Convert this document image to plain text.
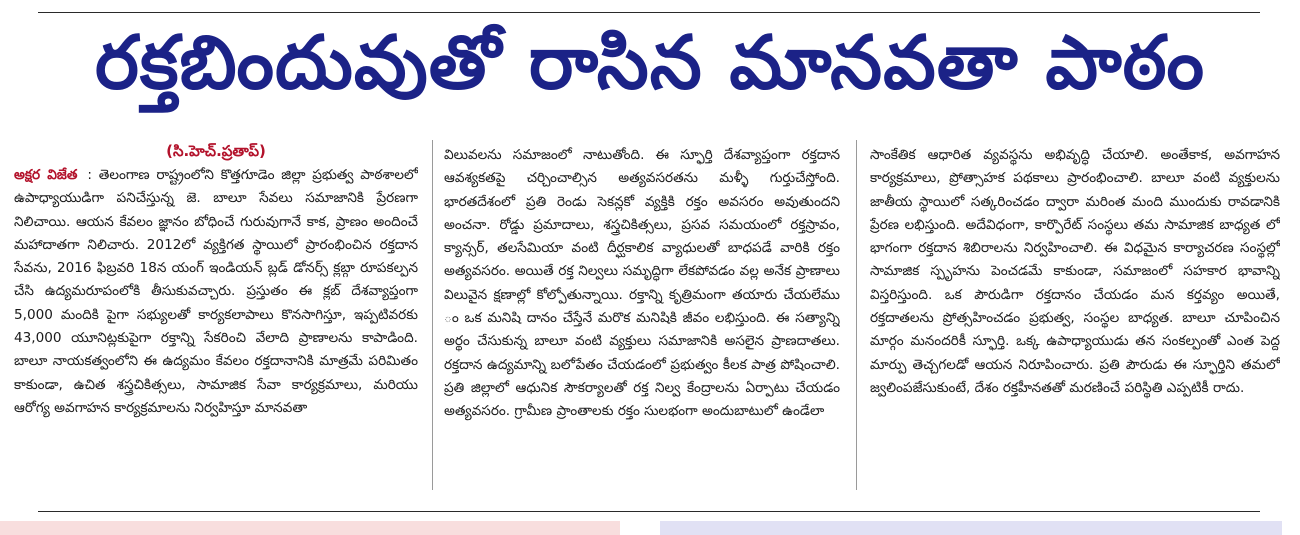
రక్తబిందువుతో రాసిన మానవతా పాఠం
(సి.హెచ్.ప్రతాప్)

అక్షర విజేత : తెలంగాణ రాష్ట్రంలోని కొత్తగూడెం జిల్లా ప్రభుత్వ పాఠశాలలో ఉపాధ్యాయుడిగా పనిచేస్తున్న జె. బాలూ సేవలు సమాజానికి ప్రేరణగా నిలిచాయి. ఆయన కేవలం జ్ఞానం బోధించే గురువుగానే కాక, ప్రాణం అందించే మహాదాతగా నిలిచారు. 2012లో వ్యక్తిగత స్థాయిలో ప్రారంభించిన రక్తదాన సేవను, 2016 ఫిబ్రవరి 18న యంగ్ ఇండియన్ బ్లడ్ డోనర్స్ క్లబ్గా రూపకల్పన చేసి ఉద్యమరూపంలోకి తీసుకువచ్చారు. ప్రస్తుతం ఈ క్లబ్ దేశవ్యాప్తంగా 5,000 మందికి పైగా సభ్యులతో కార్యకలాపాలు కొనసాగిస్తూ, ఇప్పటివరకు 43,000 యూనిట్లకుపైగా రక్తాన్ని సేకరించి వేలాది ప్రాణాలను కాపాడింది. బాలూ నాయకత్వంలోని ఈ ఉద్యమం కేవలం రక్తదానానికి మాత్రమే పరిమితం కాకుండా, ఉచిత శస్త్రచికిత్సలు, సామాజిక సేవా కార్యక్రమాలు, మరియు ఆరోగ్య అవగాహన కార్యక్రమాలను నిర్వహిస్తూ మానవతా

విలువలను సమాజంలో నాటుతోంది. ఈ స్ఫూర్తి దేశవ్యాప్తంగా రక్తదాన ఆవశ్యకతపై చర్చించాల్సిన అత్యవసరతను మళ్ళీ గుర్తుచేస్తోంది. భారతదేశంలో ప్రతి రెండు సెకన్లకో వ్యక్తికి రక్తం అవసరం అవుతుందని అంచనా. రోడ్డు ప్రమాదాలు, శస్త్రచికిత్సలు, ప్రసవ సమయంలో రక్తస్రావం, క్యాన్సర్, తలసేమియా వంటి దీర్ఘకాలిక వ్యాధులతో బాధపడే వారికి రక్తం అత్యవసరం. అయితే రక్త నిల్వలు సమృద్ధిగా లేకపోవడం వల్ల అనేక ప్రాణాలు విలువైన క్షణాల్లో కోల్పోతున్నాయి. రక్తాన్ని కృత్రిమంగా తయారు చేయలేము ం ఒక మనిషి దానం చేస్తేనే మరొక మనిషికి జీవం లభిస్తుంది. ఈ సత్యాన్ని అర్థం చేసుకున్న బాలూ వంటి వ్యక్తులు సమాజానికి అసలైన ప్రాణదాతలు. రక్తదాన ఉద్యమాన్ని బలోపేతం చేయడంలో ప్రభుత్వం కీలక పాత్ర పోషించాలి. ప్రతి జిల్లాలో ఆధునిక సౌకర్యాలతో రక్త నిల్వ కేంద్రాలను ఏర్పాటు చేయడం అత్యవసరం. గ్రామీణ ప్రాంతాలకు రక్తం సులభంగా అందుబాటులో ఉండేలా

సాంకేతిక ఆధారిత వ్యవస్థను అభివృద్ధి చేయాలి. అంతేకాక, అవగాహన కార్యక్రమాలు, ప్రోత్సాహక పథకాలు ప్రారంభించాలి. బాలూ వంటి వ్యక్తులను జాతీయ స్థాయిలో సత్కరించడం ద్వారా మరింత మంది ముందుకు రావడానికి ప్రేరణ లభిస్తుంది. అదేవిధంగా, కార్పొరేట్ సంస్థలు తమ సామాజిక బాధ్యత లో భాగంగా రక్తదాన శిబిరాలను నిర్వహించాలి. ఈ విధమైన కార్యాచరణ సంస్థల్లో సామాజిక స్పృహను పెంచడమే కాకుండా, సమాజంలో సహకార భావాన్ని విస్తరిస్తుంది. ఒక పౌరుడిగా రక్తదానం చేయడం మన కర్తవ్యం అయితే, రక్తదాతలను ప్రోత్సహించడం ప్రభుత్వ, సంస్థల బాధ్యత. బాలూ చూపించిన మార్గం మనందరికీ స్ఫూర్తి. ఒక్క ఉపాధ్యాయుడు తన సంకల్పంతో ఎంత పెద్ద మార్పు తెచ్చగలడో ఆయన నిరూపించారు. ప్రతి పౌరుడు ఈ స్ఫూర్తిని తమలో జ్వలింపజేసుకుంటే, దేశం రక్తహీనతతో మరణించే పరిస్థితి ఎప్పటికీ రాదు.
